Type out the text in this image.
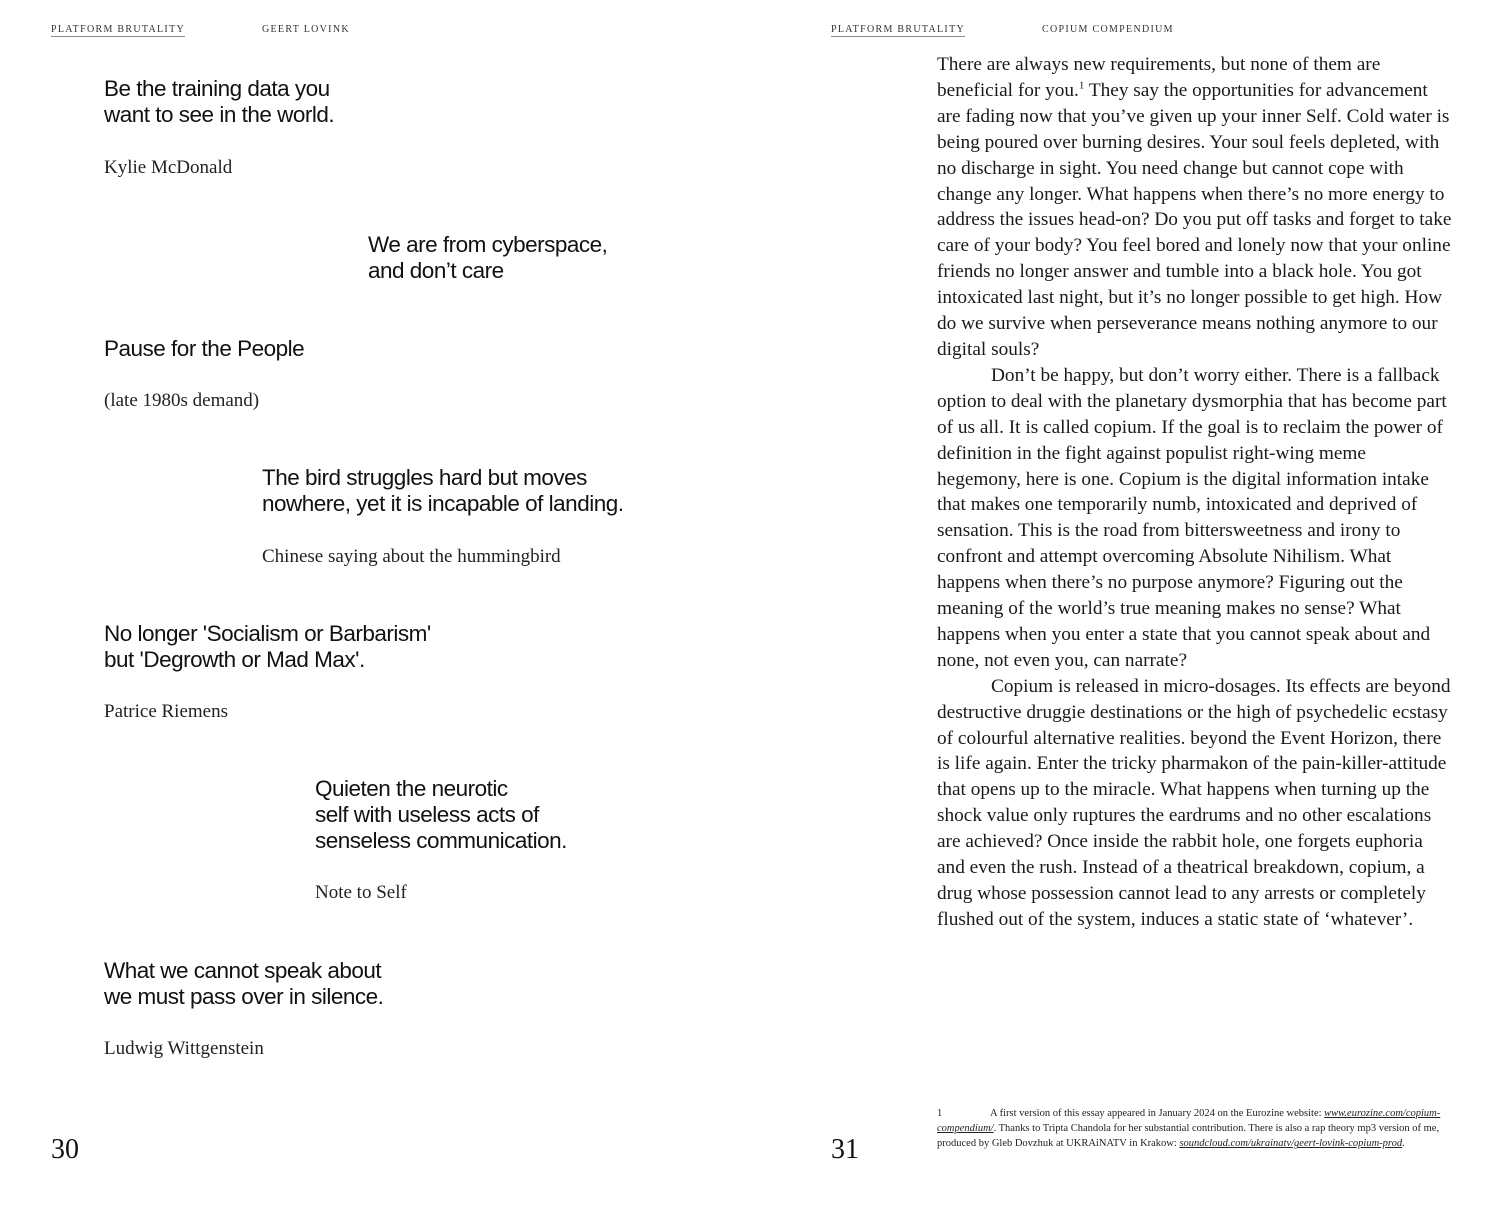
PLATFORM BRUTALITY	GEERT LOVINK

Be the training data you
want to see in the world.

Kylie McDonald

We are from cyberspace,
and don’t care

Pause for the People

(late 1980s demand)

The bird struggles hard but moves
nowhere, yet it is incapable of landing.

Chinese saying about the hummingbird

No longer 'Socialism or Barbarism'
but 'Degrowth or Mad Max'.

Patrice Riemens

Quieten the neurotic
self with useless acts of
senseless communication.

Note to Self

What we cannot speak about
we must pass over in silence.

Ludwig Wittgenstein

30
PLATFORM BRUTALITY	COPIUM COMPENDIUM

There are always new requirements, but none of them are beneficial for you.$^1$ They say the opportunities for advancement are fading now that you’ve given up your inner Self. Cold water is being poured over burning desires. Your soul feels depleted, with no discharge in sight. You need change but cannot cope with change any longer. What happens when there’s no more energy to address the issues head-on? Do you put off tasks and forget to take care of your body? You feel bored and lonely now that your online friends no longer answer and tumble into a black hole. You got intoxicated last night, but it’s no longer possible to get high. How do we survive when perseverance means nothing anymore to our digital souls?

Don’t be happy, but don’t worry either. There is a fallback option to deal with the planetary dysmorphia that has become part of us all. It is called copium. If the goal is to reclaim the power of definition in the fight against populist right-wing meme hegemony, here is one. Copium is the digital information intake that makes one temporarily numb, intoxicated and deprived of sensation. This is the road from bittersweetness and irony to confront and attempt overcoming Absolute Nihilism. What happens when there’s no purpose anymore? Figuring out the meaning of the world’s true meaning makes no sense? What happens when you enter a state that you cannot speak about and none, not even you, can narrate?

Copium is released in micro-dosages. Its effects are beyond destructive druggie destinations or the high of psychedelic ecstasy of colourful alternative realities. beyond the Event Horizon, there is life again. Enter the tricky pharmakon of the pain-killer-attitude that opens up to the miracle. What happens when turning up the shock value only ruptures the eardrums and no other escalations are achieved? Once inside the rabbit hole, one forgets euphoria and even the rush. Instead of a theatrical breakdown, copium, a drug whose possession cannot lead to any arrests or completely flushed out of the system, induces a static state of ‘whatever’.

1	A first version of this essay appeared in January 2024 on the Eurozine website: www.eurozine.com/copium-compendium/. Thanks to Tripta Chandola for her substantial contribution. There is also a rap theory mp3 version of me, produced by Gleb Dovzhuk at UKRAiNATV in Krakow: soundcloud.com/ukrainatv/geert-lovink-copium-prod.

31
